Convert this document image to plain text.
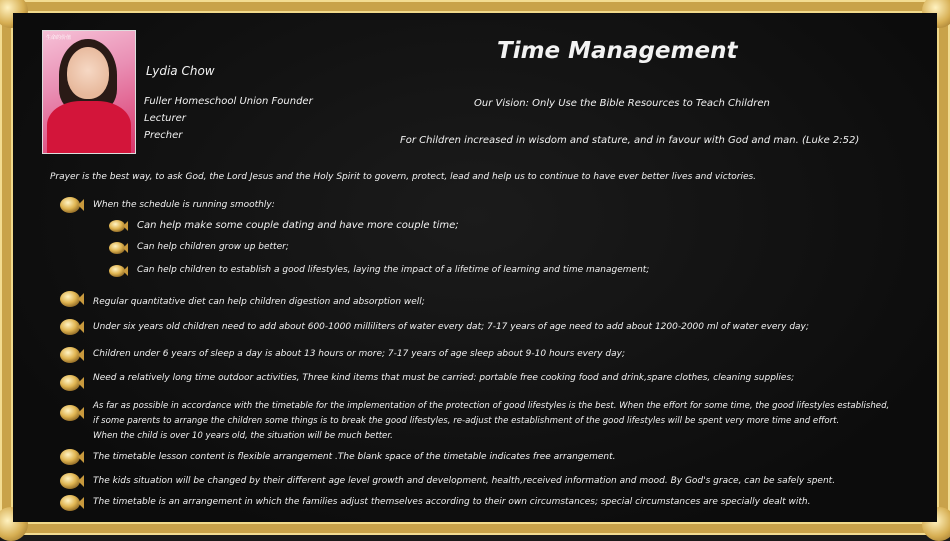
生命的价值
Lydia Chow
Fuller Homeschool Union Founder
Lecturer
Precher
Time Management
Our Vision: Only Use the Bible Resources to Teach Children
For Children increased in wisdom and stature, and in favour with God and man. (Luke 2:52)
Prayer is the best way, to ask God, the Lord Jesus and the Holy Spirit to govern, protect, lead and help us to continue to have ever better lives and victories.
When the schedule is running smoothly:
Can help make some couple dating and have more couple time;
Can help children grow up better;
Can help children to establish a good lifestyles, laying the impact of a lifetime of learning and time management;
Regular quantitative diet can help children digestion and absorption well;
Under six years old children need to add about 600-1000 milliliters of water every dat; 7-17 years of age need to add about 1200-2000 ml of water every day;
Children under 6 years of sleep a day is about 13 hours or more; 7-17 years of age sleep about 9-10 hours every day;
Need a relatively long time outdoor activities, Three kind items that must be carried: portable free cooking food and drink,spare clothes, cleaning supplies;
As far as possible in accordance with the timetable for the implementation of the protection of good lifestyles is the best. When the effort for some time, the good lifestyles established,
if some parents to arrange the children some things is to break the good lifestyles, re-adjust the establishment of the good lifestyles will be spent very more time and effort.
When the child is over 10 years old, the situation will be much better.
The timetable lesson content is flexible arrangement .The blank space of the timetable indicates free arrangement.
The kids situation will be changed by their different age level growth and development, health,received information and mood. By God's grace, can be safely spent.
The timetable is an arrangement in which the families adjust themselves according to their own circumstances; special circumstances are specially dealt with.
